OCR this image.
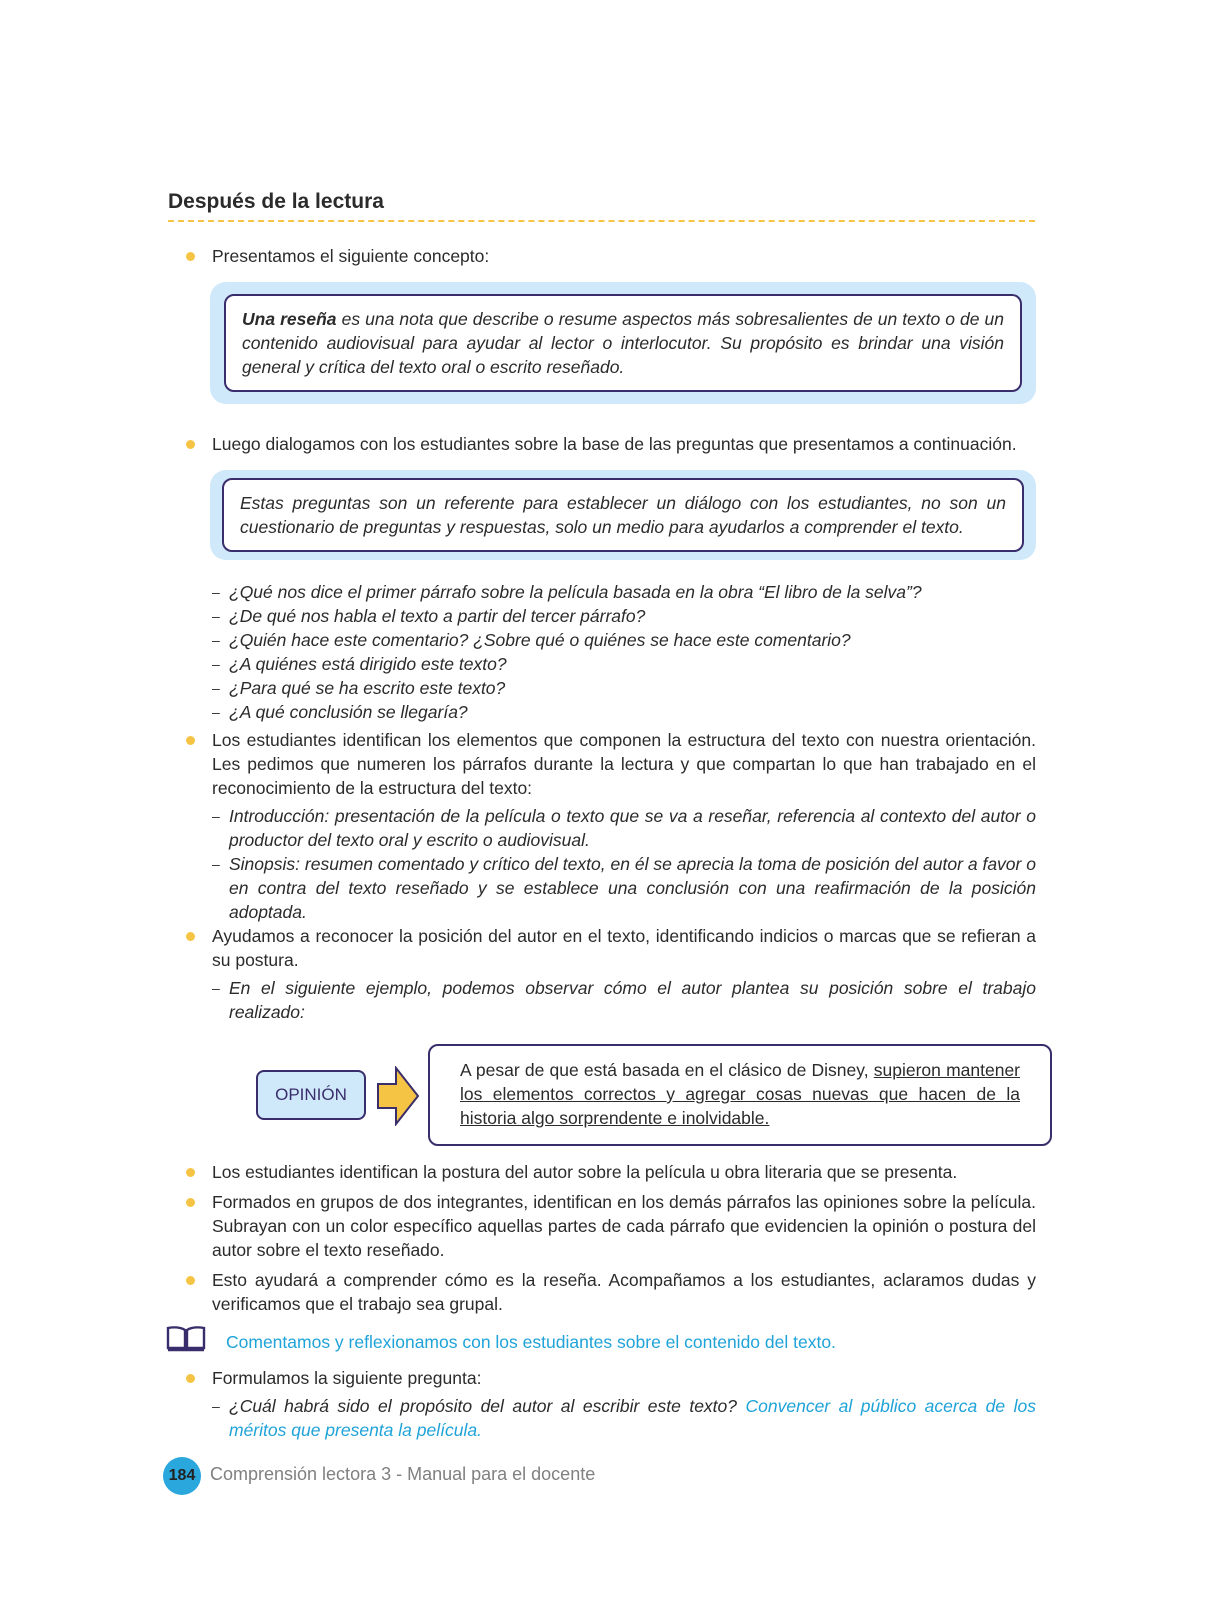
Después de la lectura
Presentamos el siguiente concepto:
Una reseña es una nota que describe o resume aspectos más sobresalientes de un texto o de un contenido audiovisual para ayudar al lector o interlocutor. Su propósito es brindar una visión general y crítica del texto oral o escrito reseñado.
Luego dialogamos con los estudiantes sobre la base de las preguntas que presentamos a continuación.
Estas preguntas son un referente para establecer un diálogo con los estudiantes, no son un cuestionario de preguntas y respuestas, solo un medio para ayudarlos a comprender el texto.
– ¿Qué nos dice el primer párrafo sobre la película basada en la obra “El libro de la selva”?
– ¿De qué nos habla el texto a partir del tercer párrafo?
– ¿Quién hace este comentario? ¿Sobre qué o quiénes se hace este comentario?
– ¿A quiénes está dirigido este texto?
– ¿Para qué se ha escrito este texto?
– ¿A qué conclusión se llegaría?
Los estudiantes identifican los elementos que componen la estructura del texto con nuestra orientación. Les pedimos que numeren los párrafos durante la lectura y que compartan lo que han trabajado en el reconocimiento de la estructura del texto:
– Introducción: presentación de la película o texto que se va a reseñar, referencia al contexto del autor o productor del texto oral y escrito o audiovisual.
– Sinopsis: resumen comentado y crítico del texto, en él se aprecia la toma de posición del autor a favor o en contra del texto reseñado y se establece una conclusión con una reafirmación de la posición adoptada.
Ayudamos a reconocer la posición del autor en el texto, identificando indicios o marcas que se refieran a su postura.
– En el siguiente ejemplo, podemos observar cómo el autor plantea su posición sobre el trabajo realizado:
OPINIÓN
A pesar de que está basada en el clásico de Disney, supieron mantener los elementos correctos y agregar cosas nuevas que hacen de la historia algo sorprendente e inolvidable.
Los estudiantes identifican la postura del autor sobre la película u obra literaria que se presenta.
Formados en grupos de dos integrantes, identifican en los demás párrafos las opiniones sobre la película. Subrayan con un color específico aquellas partes de cada párrafo que evidencien la opinión o postura del autor sobre el texto reseñado.
Esto ayudará a comprender cómo es la reseña. Acompañamos a los estudiantes, aclaramos dudas y verificamos que el trabajo sea grupal.
Comentamos y reflexionamos con los estudiantes sobre el contenido del texto.
Formulamos la siguiente pregunta:
– ¿Cuál habrá sido el propósito del autor al escribir este texto? Convencer al público acerca de los méritos que presenta la película.
184 Comprensión lectora 3 - Manual para el docente
